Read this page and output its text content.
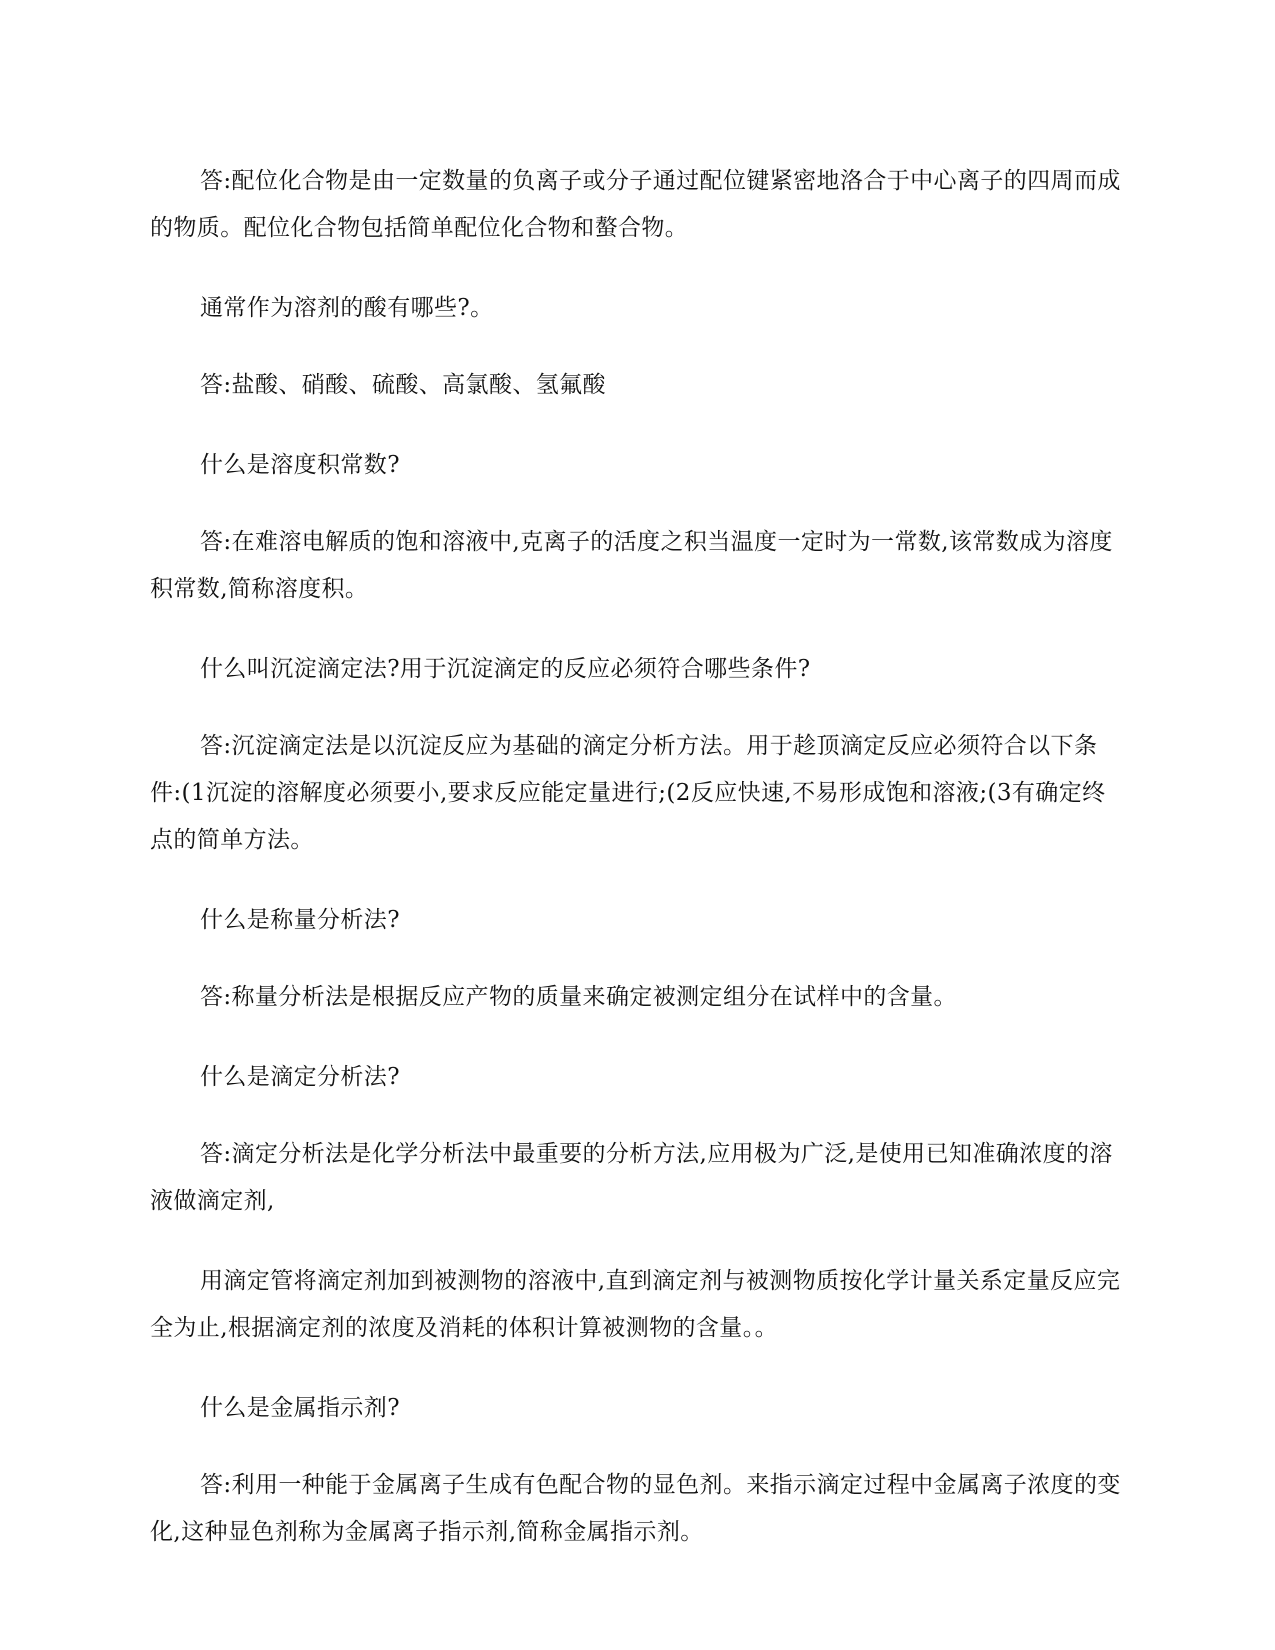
答:配位化合物是由一定数量的负离子或分子通过配位键紧密地洛合于中心离子的四周而成的物质。配位化合物包括简单配位化合物和螯合物。

通常作为溶剂的酸有哪些?。

答:盐酸、硝酸、硫酸、高氯酸、氢氟酸

什么是溶度积常数?

答:在难溶电解质的饱和溶液中,克离子的活度之积当温度一定时为一常数,该常数成为溶度积常数,简称溶度积。

什么叫沉淀滴定法?用于沉淀滴定的反应必须符合哪些条件?

答:沉淀滴定法是以沉淀反应为基础的滴定分析方法。用于趁顶滴定反应必须符合以下条件:(1沉淀的溶解度必须要小,要求反应能定量进行;(2反应快速,不易形成饱和溶液;(3有确定终点的简单方法。

什么是称量分析法?

答:称量分析法是根据反应产物的质量来确定被测定组分在试样中的含量。

什么是滴定分析法?

答:滴定分析法是化学分析法中最重要的分析方法,应用极为广泛,是使用已知准确浓度的溶液做滴定剂,

用滴定管将滴定剂加到被测物的溶液中,直到滴定剂与被测物质按化学计量关系定量反应完全为止,根据滴定剂的浓度及消耗的体积计算被测物的含量。。

什么是金属指示剂?

答:利用一种能于金属离子生成有色配合物的显色剂。来指示滴定过程中金属离子浓度的变化,这种显色剂称为金属离子指示剂,简称金属指示剂。
